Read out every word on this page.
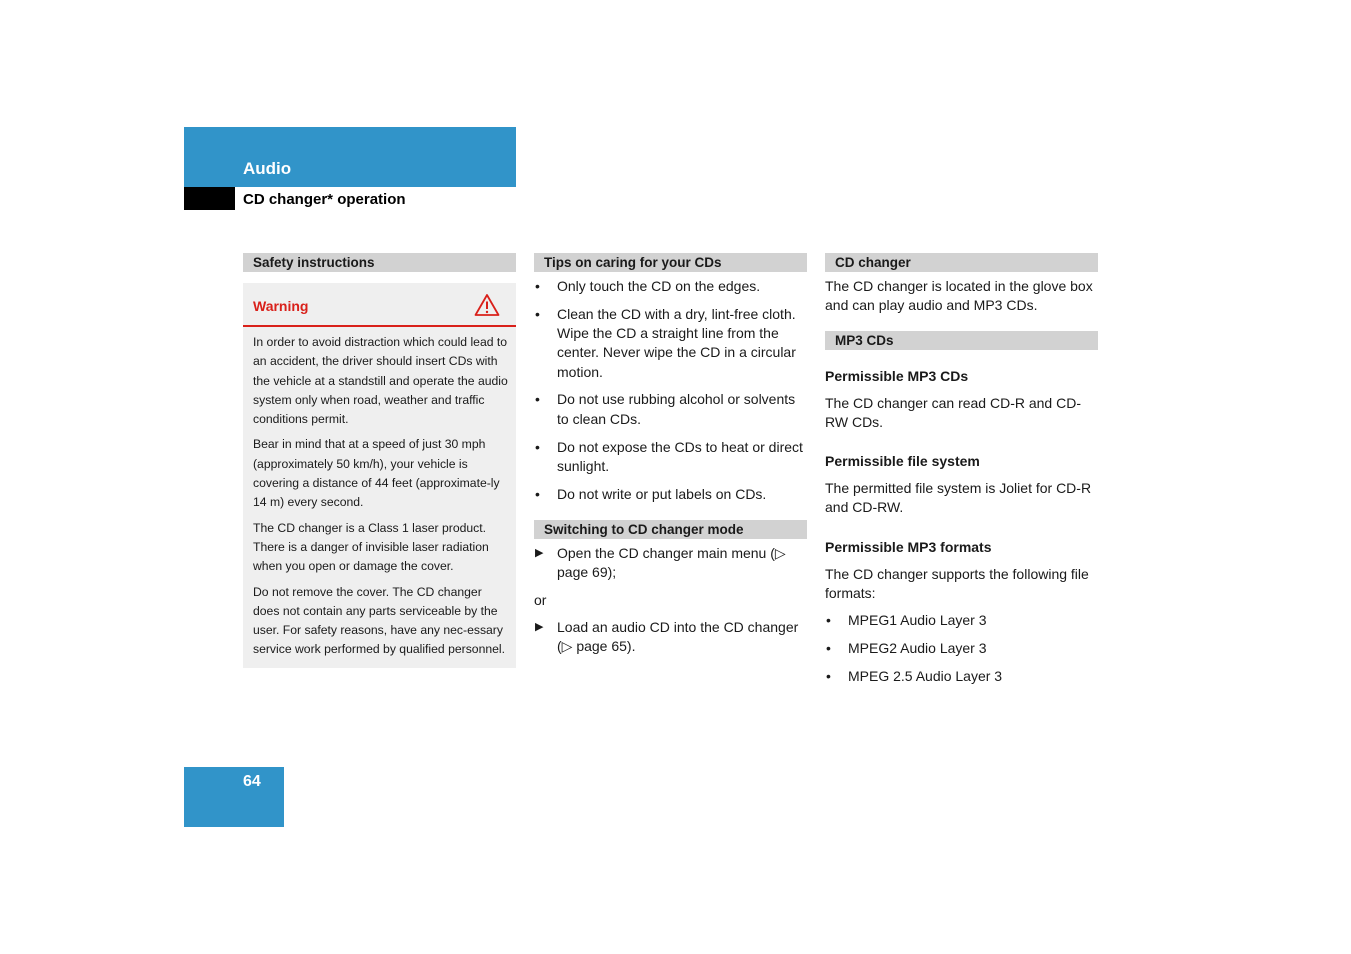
Audio
CD changer* operation
Safety instructions
Warning

In order to avoid distraction which could lead to an accident, the driver should insert CDs with the vehicle at a standstill and operate the audio system only when road, weather and traffic conditions permit.

Bear in mind that at a speed of just 30 mph (approximately 50 km/h), your vehicle is covering a distance of 44 feet (approximate-ly 14 m) every second.

The CD changer is a Class 1 laser product. There is a danger of invisible laser radiation when you open or damage the cover.

Do not remove the cover. The CD changer does not contain any parts serviceable by the user. For safety reasons, have any nec-essary service work performed by qualified personnel.

Tips on caring for your CDs
• Only touch the CD on the edges.
• Clean the CD with a dry, lint-free cloth. Wipe the CD a straight line from the center. Never wipe the CD in a circular motion.
• Do not use rubbing alcohol or solvents to clean CDs.
• Do not expose the CDs to heat or direct sunlight.
• Do not write or put labels on CDs.
Switching to CD changer mode
▶ Open the CD changer main menu (▷ page 69);
or
▶ Load an audio CD into the CD changer (▷ page 65).
CD changer
The CD changer is located in the glove box and can play audio and MP3 CDs.
MP3 CDs
Permissible MP3 CDs
The CD changer can read CD-R and CD-RW CDs.
Permissible file system
The permitted file system is Joliet for CD-R and CD-RW.
Permissible MP3 formats
The CD changer supports the following file formats:
• MPEG1 Audio Layer 3
• MPEG2 Audio Layer 3
• MPEG 2.5 Audio Layer 3
64
